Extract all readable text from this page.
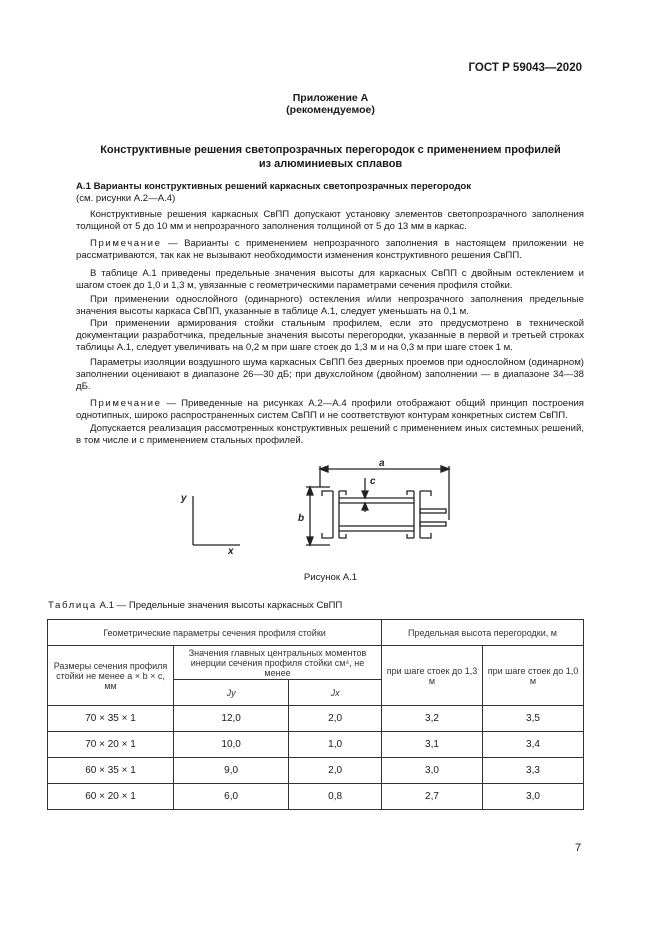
ГОСТ Р 59043—2020
Приложение А
(рекомендуемое)
Конструктивные решения светопрозрачных перегородок с применением профилей
из алюминиевых сплавов
А.1 Варианты конструктивных решений каркасных светопрозрачных перегородок
(см. рисунки А.2—А.4)
Конструктивные решения каркасных СвПП допускают установку элементов светопрозрачного заполнения толщиной от 5 до 10 мм и непрозрачного заполнения толщиной от 5 до 13 мм в каркас.
Примечание — Варианты с применением непрозрачного заполнения в настоящем приложении не рассматриваются, так как не вызывают необходимости изменения конструктивного решения СвПП.
В таблице А.1 приведены предельные значения высоты для каркасных СвПП с двойным остеклением и шагом стоек до 1,0 и 1,3 м, увязанные с геометрическими параметрами сечения профиля стойки.
При применении однослойного (одинарного) остекления и/или непрозрачного заполнения предельные значения высоты каркаса СвПП, указанные в таблице А.1, следует уменьшать на 0,1 м.
При применении армирования стойки стальным профилем, если это предусмотрено в технической документации разработчика, предельные значения высоты перегородки, указанные в первой и третьей строках таблицы А.1, следует увеличивать на 0,2 м при шаге стоек до 1,3 м и на 0,3 м при шаге стоек 1 м.
Параметры изоляции воздушного шума каркасных СвПП без дверных проемов при однослойном (одинарном) заполнении оценивают в диапазоне 26—30 дБ; при двухслойном (двойном) заполнении — в диапазоне 34—38 дБ.
Примечание — Приведенные на рисунках А.2—А.4 профили отображают общий принцип построения однотипных, широко распространенных систем СвПП и не соответствуют контурам конкретных систем СвПП.
Допускается реализация рассмотренных конструктивных решений с применением иных системных решений, в том числе и с применением стальных профилей.
a
b
c
x
y
Рисунок А.1
Таблица А.1 — Предельные значения высоты каркасных СвПП
Геометрические параметры сечения профиля стойки			Предельная высота перегородки, м	
Размеры сечения профиля стойки не менее a × b × c, мм	Значения главных центральных моментов инерции сечения профиля стойки см⁴, не менее		при шаге стоек до 1,3 м	при шаге стоек до 1,0 м
	Jy	Jx		
70 × 35 × 1	12,0	2,0	3,2	3,5
70 × 20 × 1	10,0	1,0	3,1	3,4
60 × 35 × 1	9,0	2,0	3,0	3,3
60 × 20 × 1	6,0	0,8	2,7	3,0
7
